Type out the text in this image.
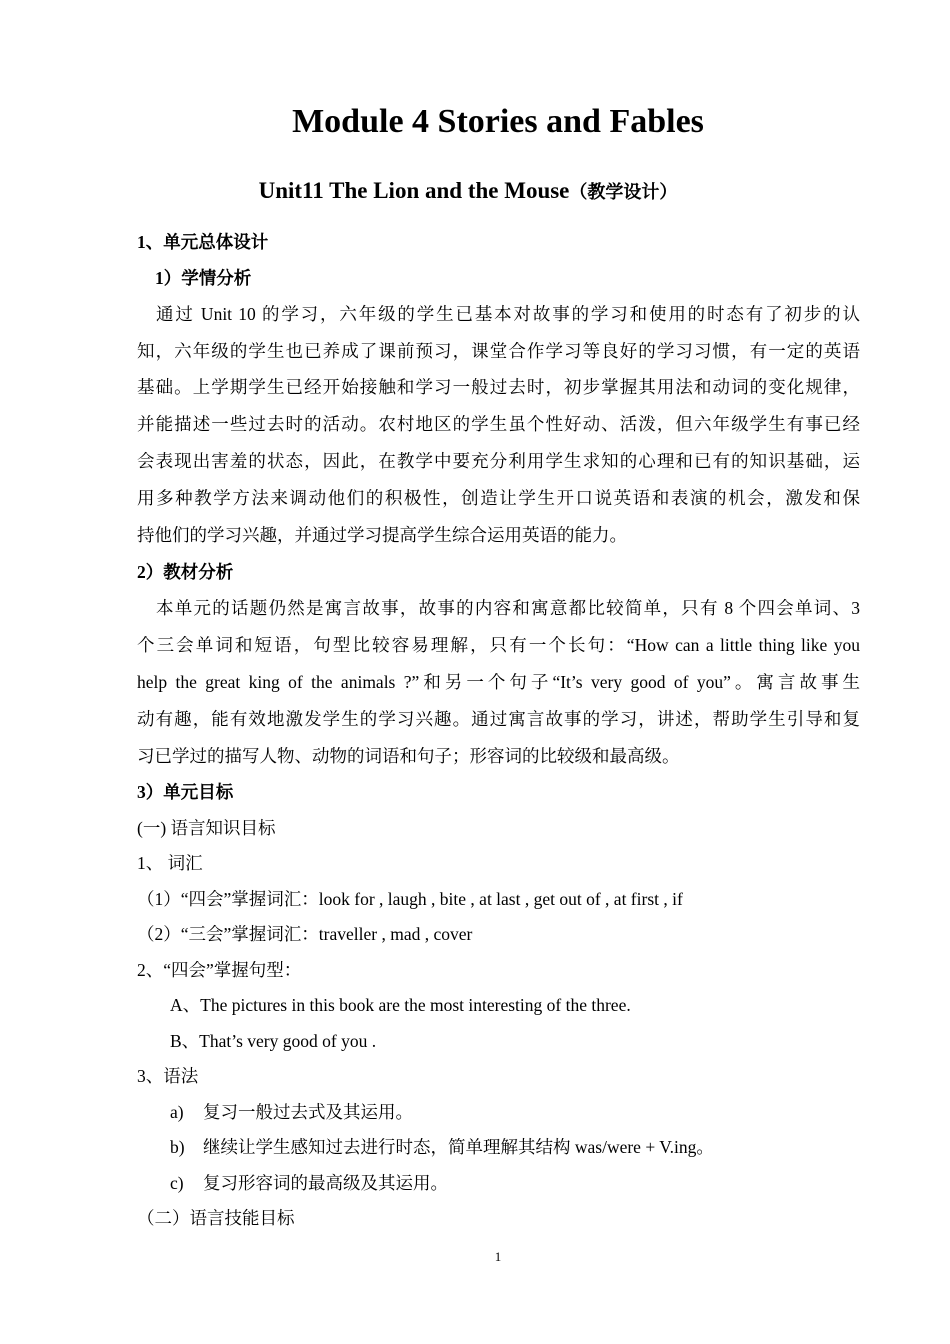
Module 4 Stories and Fables
Unit11 The Lion and the Mouse（教学设计）
1、单元总体设计
1）学情分析
通过 Unit 10 的学习，六年级的学生已基本对故事的学习和使用的时态有了初步的认
知，六年级的学生也已养成了课前预习，课堂合作学习等良好的学习习惯，有一定的英语
基础。上学期学生已经开始接触和学习一般过去时，初步掌握其用法和动词的变化规律，
并能描述一些过去时的活动。农村地区的学生虽个性好动、活泼，但六年级学生有事已经
会表现出害羞的状态，因此，在教学中要充分利用学生求知的心理和已有的知识基础，运
用多种教学方法来调动他们的积极性，创造让学生开口说英语和表演的机会，激发和保
持他们的学习兴趣，并通过学习提高学生综合运用英语的能力。
2）教材分析
本单元的话题仍然是寓言故事，故事的内容和寓意都比较简单，只有 8 个四会单词、3
个三会单词和短语，句型比较容易理解，只有一个长句：“How can a little thing like you
help the great king of the animals ?”和另一个句子“It’s very good of you”。寓言故事生
动有趣，能有效地激发学生的学习兴趣。通过寓言故事的学习，讲述，帮助学生引导和复
习已学过的描写人物、动物的词语和句子；形容词的比较级和最高级。
3）单元目标
(一) 语言知识目标
1、 词汇
（1）“四会”掌握词汇：look for , laugh , bite , at last , get out of , at first , if
（2）“三会”掌握词汇：traveller , mad , cover
2、“四会”掌握句型：
A、The pictures in this book are the most interesting of the three.
B、That’s very good of you .
3、语法
a) 复习一般过去式及其运用。
b) 继续让学生感知过去进行时态，简单理解其结构 was/were + V.ing。
c) 复习形容词的最高级及其运用。
（二）语言技能目标
1
